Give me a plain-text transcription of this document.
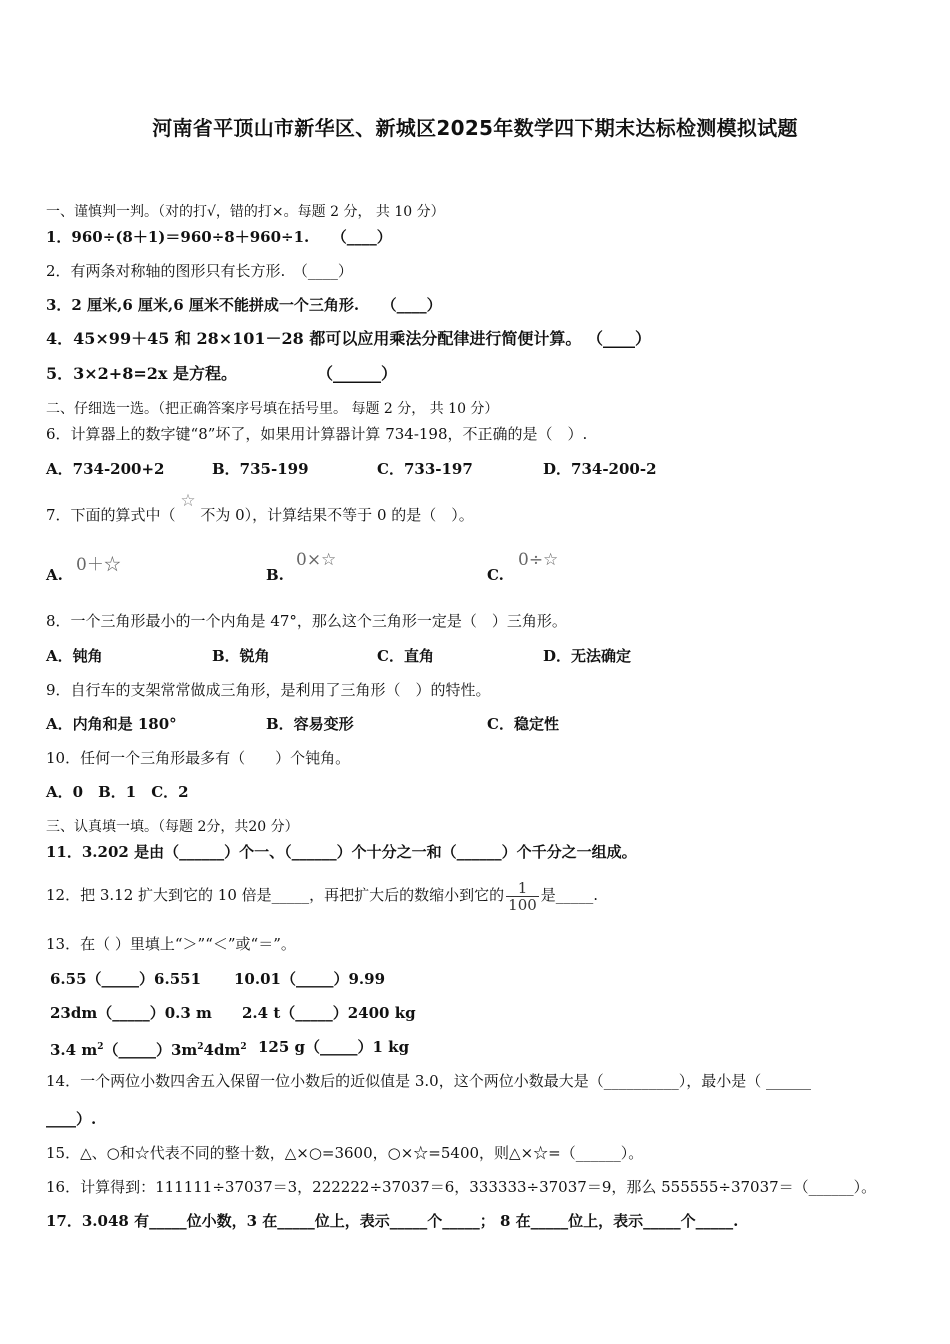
河南省平顶山市新华区、新城区2025年数学四下期末达标检测模拟试题
一、谨慎判一判。（对的打√，错的打×。每题 2 分， 共 10 分）
1．960÷(8＋1)＝960÷8＋960÷1.　　（____）
2．有两条对称轴的图形只有长方形.　（____）
3．2 厘米,6 厘米,6 厘米不能拼成一个三角形.　　（____）
4．45×99＋45 和 28×101－28 都可以应用乘法分配律进行简便计算。 （____）
5．3×2+8=2x 是方程。　　　　　　（______）
二、仔细选一选。（把正确答案序号填在括号里。 每题 2 分， 共 10 分）
6．计算器上的数字键“8”坏了，如果用计算器计算 734-198，不正确的是（　）.
A．734-200+2	B．735-199	C．733-197	D．734-200-2
7．下面的算式中（ ☆ 不为 0），计算结果不等于 0 的是（　）。
A. 0＋☆	B.
0×☆
C.
0÷☆
8．一个三角形最小的一个内角是 47°，那么这个三角形一定是（　）三角形。
A．钝角	B．锐角	C．直角	D．无法确定
9．自行车的支架常常做成三角形，是利用了三角形（　）的特性。
A．内角和是 180°	B．容易变形	C．稳定性
10．任何一个三角形最多有（　　）个钝角。
A．0　B．1　C．2
三、认真填一填。（每题 2分，共20 分）
11．3.202 是由（______）个一、（______）个十分之一和（______）个千分之一组成。
12．把 3.12 扩大到它的 10 倍是_____，再把扩大后的数缩小到它的 $\frac{1}{100}$ 是_____.
13．在（ ）里填上“＞”“＜”或“＝”。
6.55（_____）6.551 10.01（_____）9.99
23dm（_____）0.3 m 2.4 t（_____）2400 kg
3.4 $m^2(\_\_\_\_\_)3m^24dm^2$ 125 g（_____）1 kg
14．一个两位小数四舍五入保留一位小数后的近似值是 3.0，这个两位小数最大是（__________），最小是（ ______
____）.
15．△、○和☆代表不同的整十数，△×○=3600，○×☆=5400，则△×☆=（______）。
16．计算得到：111111÷37037＝3，222222÷37037＝6，333333÷37037＝9，那么 555555÷37037＝（______）。
17．3.048 有_____位小数，3 在_____位上，表示_____个_____； 8 在_____位上，表示_____个_____.
